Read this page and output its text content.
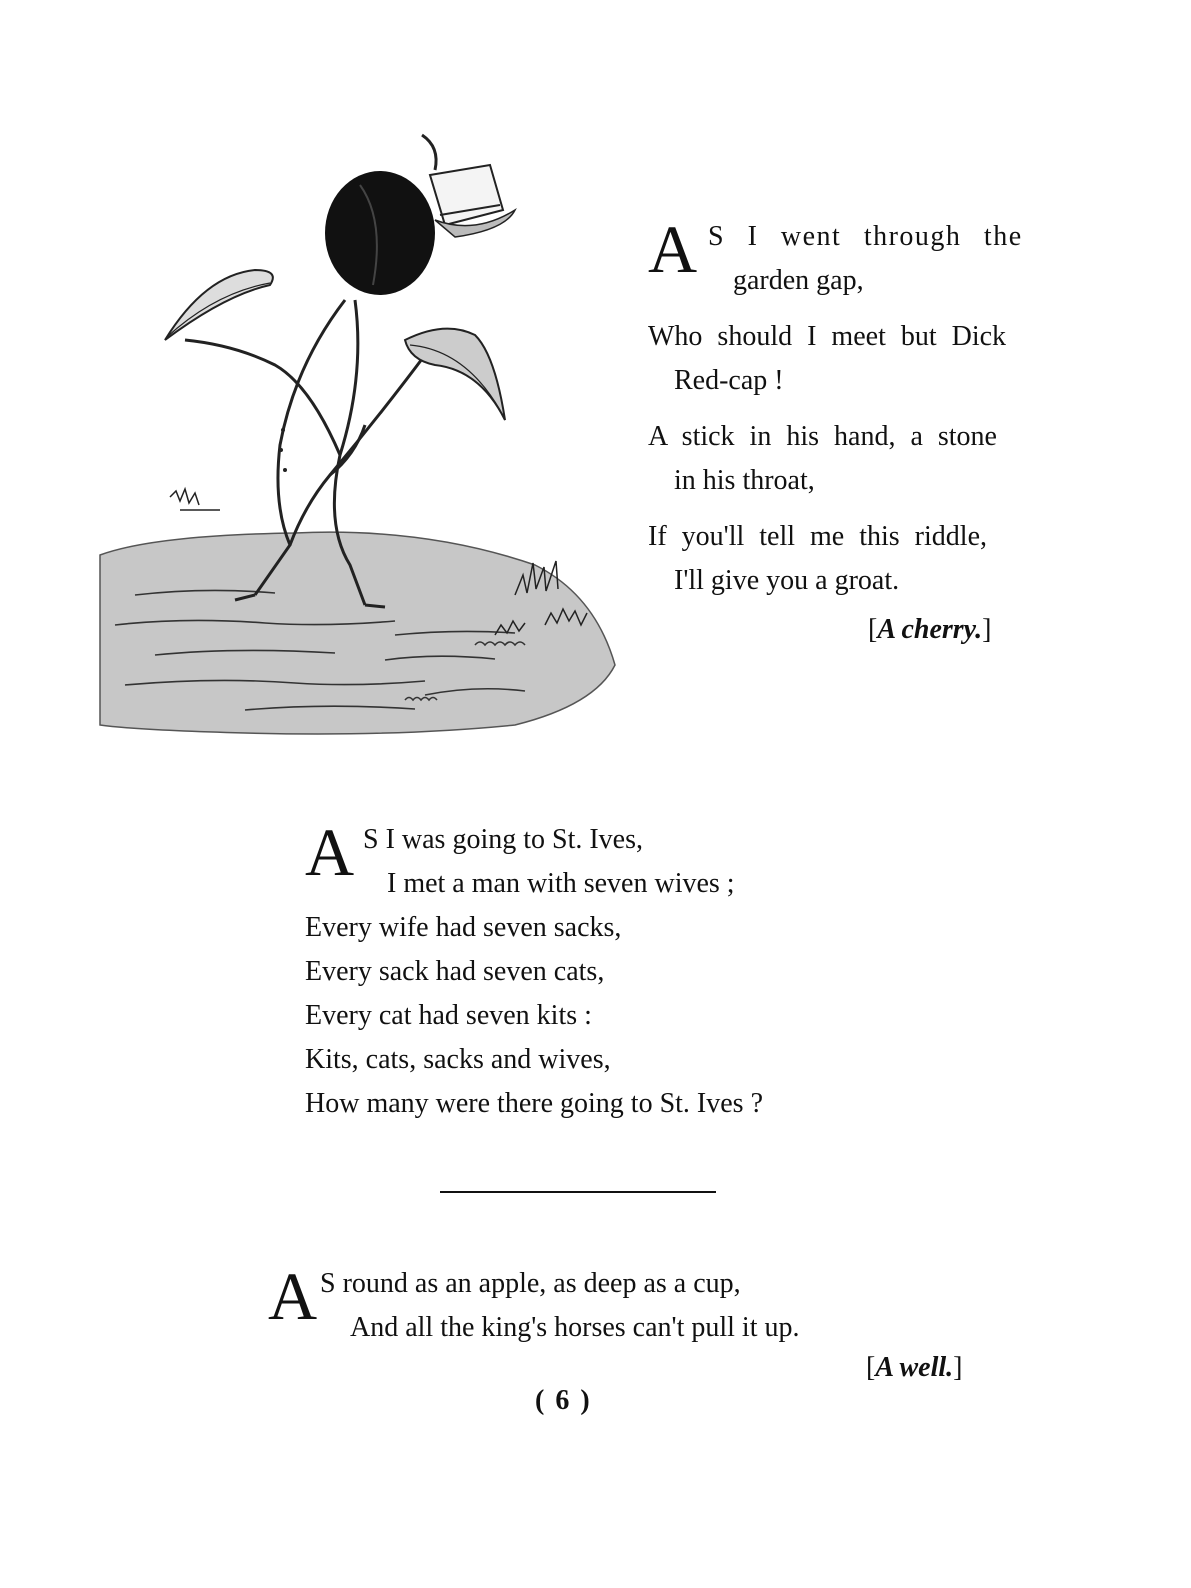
A S I went through the
garden gap,
Who should I meet but Dick
Red-cap !
A stick in his hand, a stone
in his throat,
If you'll tell me this riddle,
I'll give you a groat.
[A cherry.]
A S I was going to St. Ives,
I met a man with seven wives ;
Every wife had seven sacks,
Every sack had seven cats,
Every cat had seven kits :
Kits, cats, sacks and wives,
How many were there going to St. Ives ?
A S round as an apple, as deep as a cup,
And all the king's horses can't pull it up.
[A well.]
( 6 )
